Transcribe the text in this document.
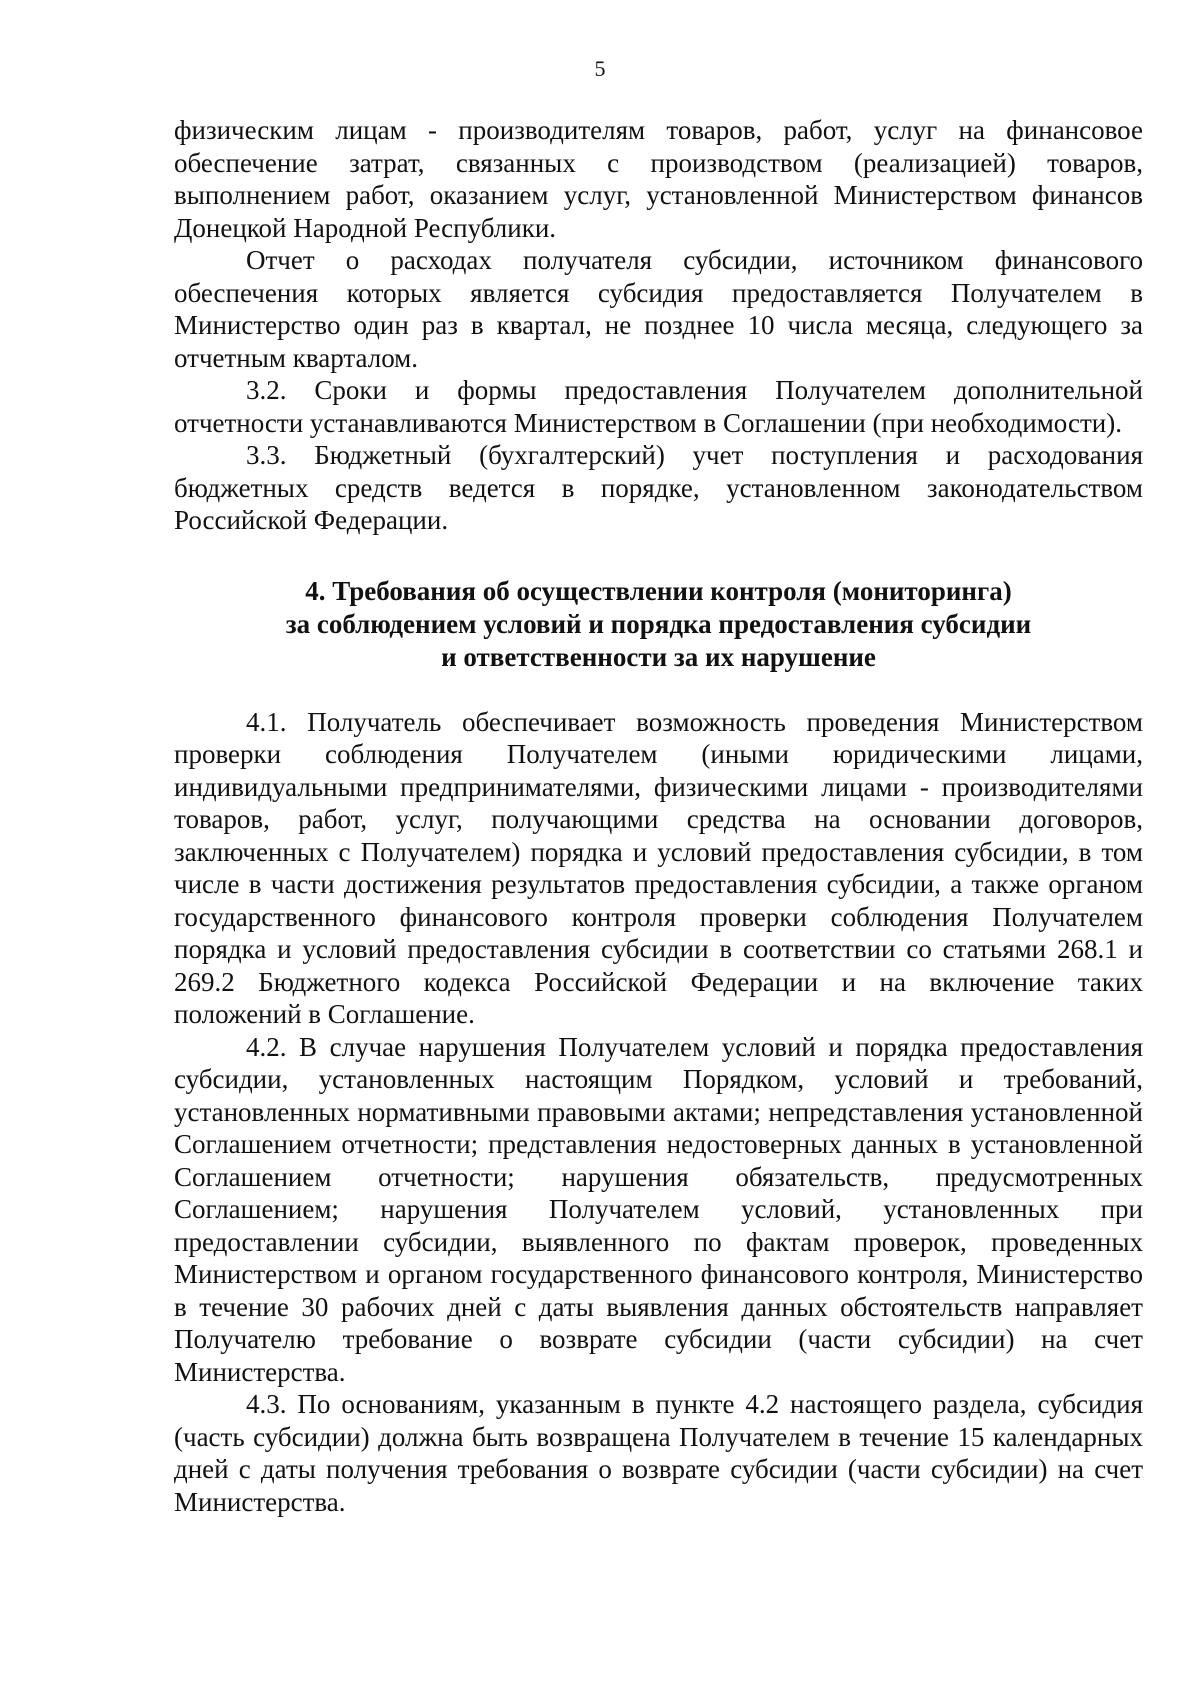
5

физическим лицам - производителям товаров, работ, услуг на финансовое обеспечение затрат, связанных с производством (реализацией) товаров, выполнением работ, оказанием услуг, установленной Министерством финансов Донецкой Народной Республики.

Отчет о расходах получателя субсидии, источником финансового обеспечения которых является субсидия предоставляется Получателем в Министерство один раз в квартал, не позднее 10 числа месяца, следующего за отчетным кварталом.

3.2. Сроки и формы предоставления Получателем дополнительной отчетности устанавливаются Министерством в Соглашении (при необходимости).

3.3. Бюджетный (бухгалтерский) учет поступления и расходования бюджетных средств ведется в порядке, установленном законодательством Российской Федерации.

4. Требования об осуществлении контроля (мониторинга)
за соблюдением условий и порядка предоставления субсидии
и ответственности за их нарушение

4.1. Получатель обеспечивает возможность проведения Министерством проверки соблюдения Получателем (иными юридическими лицами, индивидуальными предпринимателями, физическими лицами - производителями товаров, работ, услуг, получающими средства на основании договоров, заключенных с Получателем) порядка и условий предоставления субсидии, в том числе в части достижения результатов предоставления субсидии, а также органом государственного финансового контроля проверки соблюдения Получателем порядка и условий предоставления субсидии в соответствии со статьями 268.1 и 269.2 Бюджетного кодекса Российской Федерации и на включение таких положений в Соглашение.

4.2. В случае нарушения Получателем условий и порядка предоставления субсидии, установленных настоящим Порядком, условий и требований, установленных нормативными правовыми актами; непредставления установленной Соглашением отчетности; представления недостоверных данных в установленной Соглашением отчетности; нарушения обязательств, предусмотренных Соглашением; нарушения Получателем условий, установленных при предоставлении субсидии, выявленного по фактам проверок, проведенных Министерством и органом государственного финансового контроля, Министерство в течение 30 рабочих дней с даты выявления данных обстоятельств направляет Получателю требование о возврате субсидии (части субсидии) на счет Министерства.

4.3. По основаниям, указанным в пункте 4.2 настоящего раздела, субсидия (часть субсидии) должна быть возвращена Получателем в течение 15 календарных дней с даты получения требования о возврате субсидии (части субсидии) на счет Министерства.
